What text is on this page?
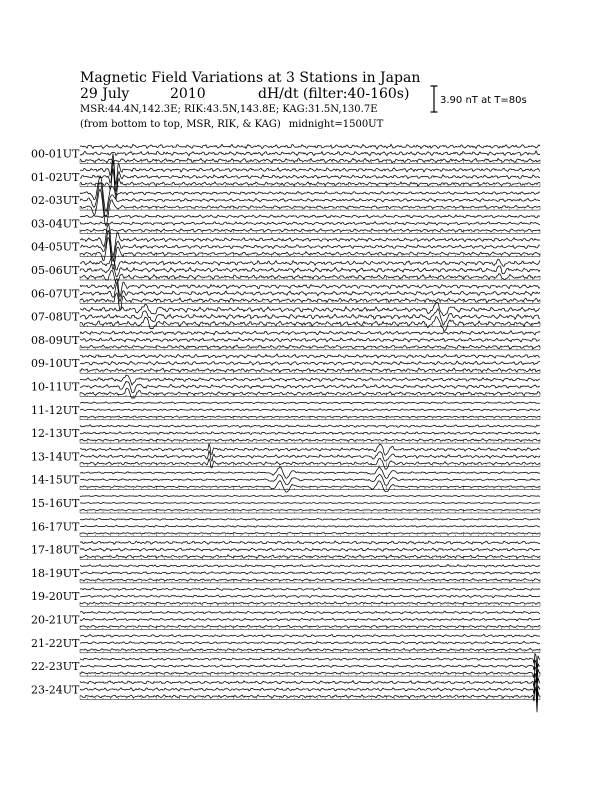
00-01UT
01-02UT
02-03UT
03-04UT
04-05UT
05-06UT
06-07UT
07-08UT
08-09UT
09-10UT
10-11UT
11-12UT
12-13UT
13-14UT
14-15UT
15-16UT
16-17UT
17-18UT
18-19UT
19-20UT
20-21UT
21-22UT
22-23UT
23-24UT
Magnetic Field Variations at 3 Stations in Japan
29 July	2010	dH/dt (filter:40-160s)
MSR:44.4N,142.3E; RIK:43.5N,143.8E; KAG:31.5N,130.7E
(from bottom to top, MSR, RIK, & KAG) midnight=1500UT
3.90 nT at T=80s
